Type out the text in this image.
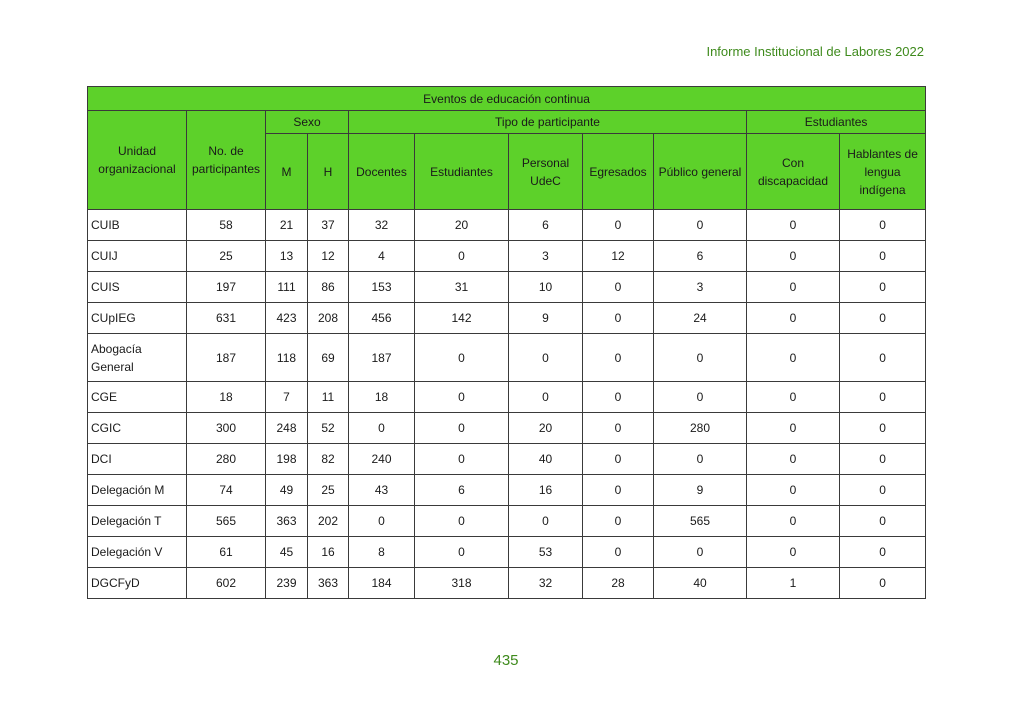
Informe Institucional de Labores 2022
Eventos de educación continua										
Unidad organizacional	No. de participantes	Sexo		Tipo de participante					Estudiantes	
		M	H	Docentes	Estudiantes	Personal UdeC	Egresados	Público general	Con discapacidad	Hablantes de lengua indígena
CUIB	58	21	37	32	20	6	0	0	0	0
CUIJ	25	13	12	4	0	3	12	6	0	0
CUIS	197	111	86	153	31	10	0	3	0	0
CUpIEG	631	423	208	456	142	9	0	24	0	0
Abogacía General	187	118	69	187	0	0	0	0	0	0
CGE	18	7	11	18	0	0	0	0	0	0
CGIC	300	248	52	0	0	20	0	280	0	0
DCI	280	198	82	240	0	40	0	0	0	0
Delegación M	74	49	25	43	6	16	0	9	0	0
Delegación T	565	363	202	0	0	0	0	565	0	0
Delegación V	61	45	16	8	0	53	0	0	0	0
DGCFyD	602	239	363	184	318	32	28	40	1	0
435
